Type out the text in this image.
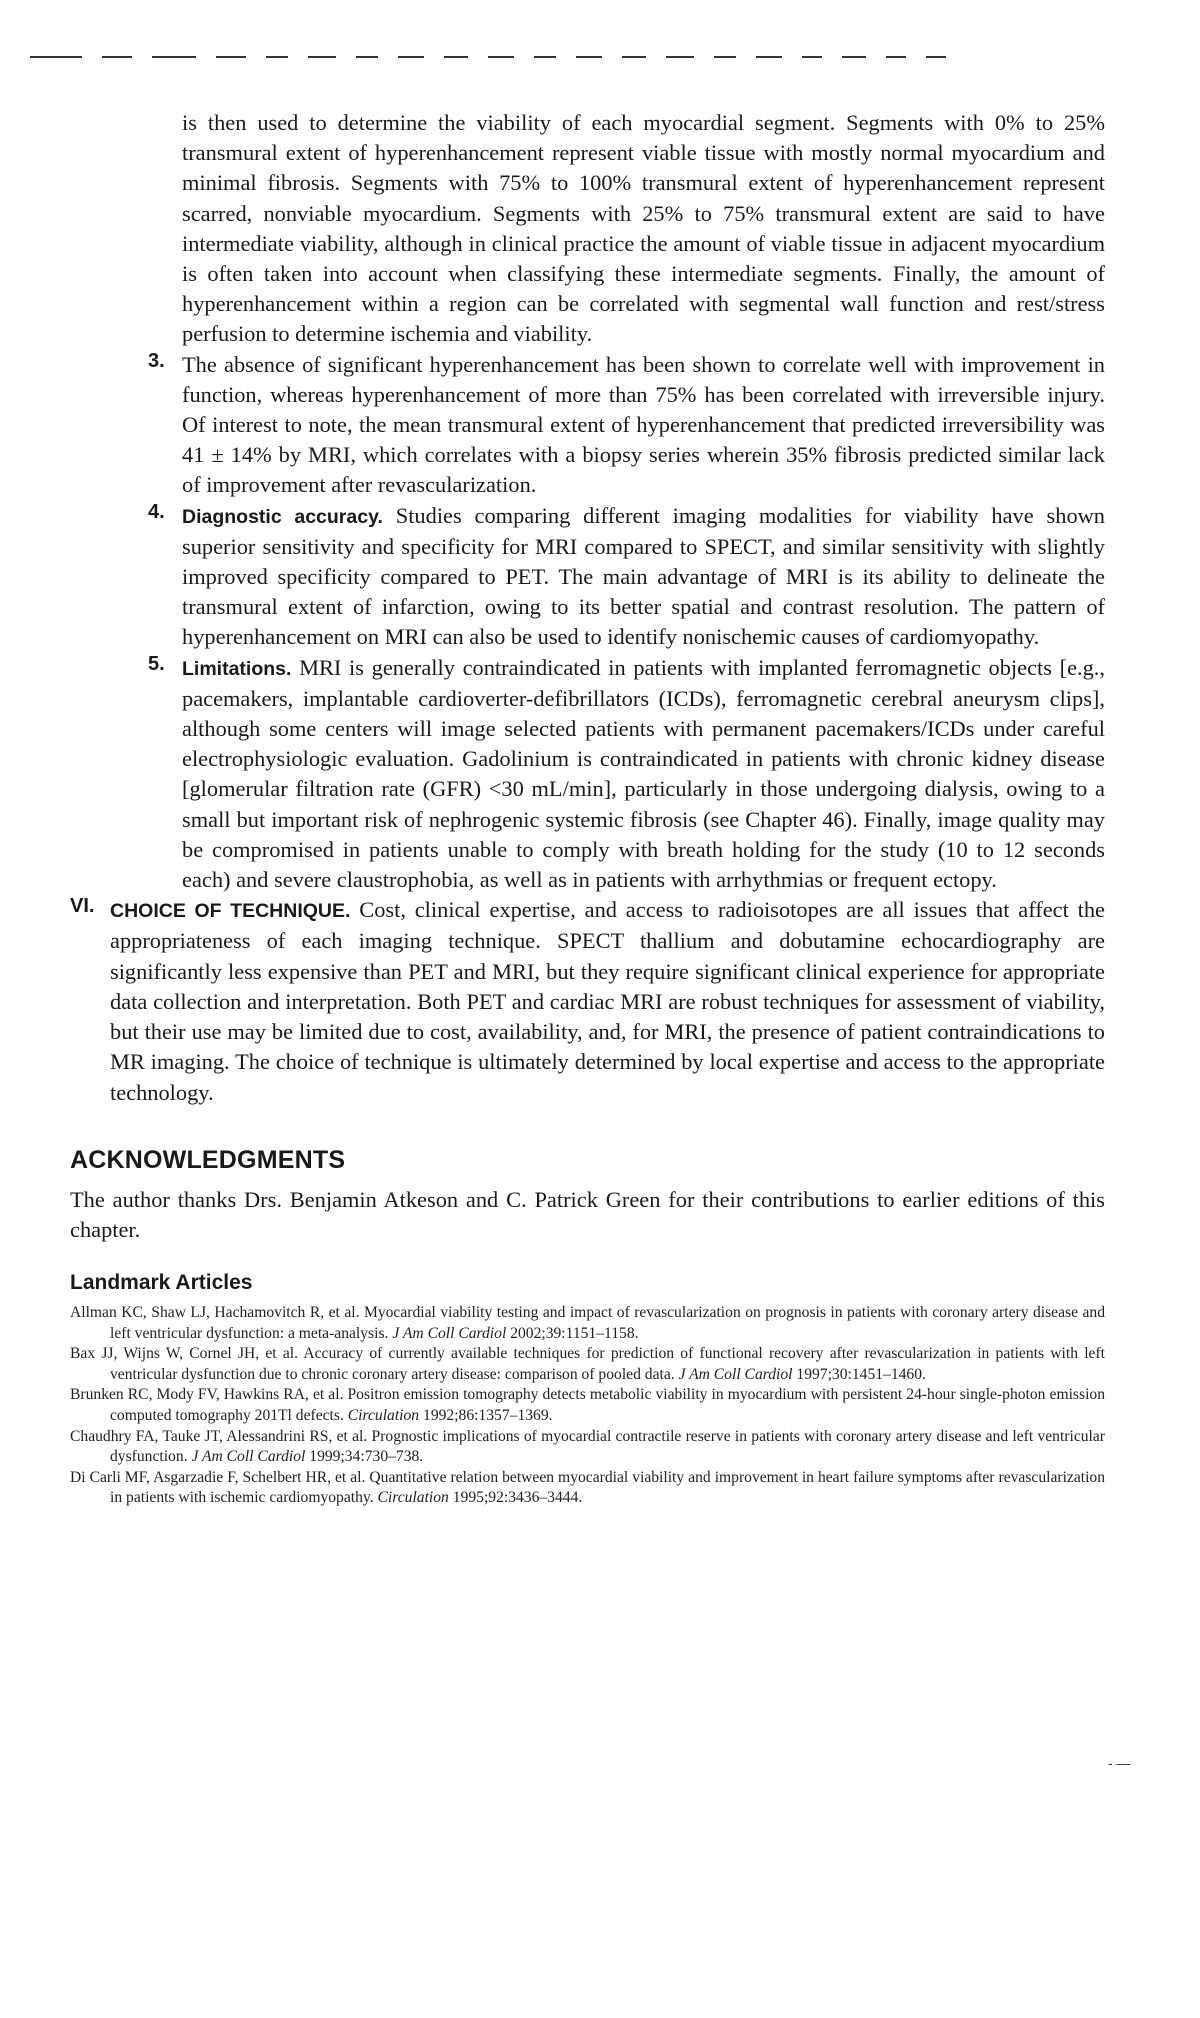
is then used to determine the viability of each myocardial segment. Segments with 0% to 25% transmural extent of hyperenhancement represent viable tissue with mostly normal myocardium and minimal fibrosis. Segments with 75% to 100% transmural extent of hyperenhancement represent scarred, nonviable myocardium. Segments with 25% to 75% transmural extent are said to have intermediate viability, although in clinical practice the amount of viable tissue in adjacent myocardium is often taken into account when classifying these intermediate segments. Finally, the amount of hyperenhancement within a region can be correlated with segmental wall function and rest/stress perfusion to determine ischemia and viability.

3. The absence of significant hyperenhancement has been shown to correlate well with improvement in function, whereas hyperenhancement of more than 75% has been correlated with irreversible injury. Of interest to note, the mean transmural extent of hyperenhancement that predicted irreversibility was 41 ± 14% by MRI, which correlates with a biopsy series wherein 35% fibrosis predicted similar lack of improvement after revascularization.

4. Diagnostic accuracy. Studies comparing different imaging modalities for viability have shown superior sensitivity and specificity for MRI compared to SPECT, and similar sensitivity with slightly improved specificity compared to PET. The main advantage of MRI is its ability to delineate the transmural extent of infarction, owing to its better spatial and contrast resolution. The pattern of hyperenhancement on MRI can also be used to identify nonischemic causes of cardiomyopathy.

5. Limitations. MRI is generally contraindicated in patients with implanted ferromagnetic objects [e.g., pacemakers, implantable cardioverter-defibrillators (ICDs), ferromagnetic cerebral aneurysm clips], although some centers will image selected patients with permanent pacemakers/ICDs under careful electrophysiologic evaluation. Gadolinium is contraindicated in patients with chronic kidney disease [glomerular filtration rate (GFR) <30 mL/min], particularly in those undergoing dialysis, owing to a small but important risk of nephrogenic systemic fibrosis (see Chapter 46). Finally, image quality may be compromised in patients unable to comply with breath holding for the study (10 to 12 seconds each) and severe claustrophobia, as well as in patients with arrhythmias or frequent ectopy.

VI. CHOICE OF TECHNIQUE. Cost, clinical expertise, and access to radioisotopes are all issues that affect the appropriateness of each imaging technique. SPECT thallium and dobutamine echocardiography are significantly less expensive than PET and MRI, but they require significant clinical experience for appropriate data collection and interpretation. Both PET and cardiac MRI are robust techniques for assessment of viability, but their use may be limited due to cost, availability, and, for MRI, the presence of patient contraindications to MR imaging. The choice of technique is ultimately determined by local expertise and access to the appropriate technology.

ACKNOWLEDGMENTS

The author thanks Drs. Benjamin Atkeson and C. Patrick Green for their contributions to earlier editions of this chapter.

Landmark Articles

Allman KC, Shaw LJ, Hachamovitch R, et al. Myocardial viability testing and impact of revascularization on prognosis in patients with coronary artery disease and left ventricular dysfunction: a meta-analysis. J Am Coll Cardiol 2002;39:1151–1158.

Bax JJ, Wijns W, Cornel JH, et al. Accuracy of currently available techniques for prediction of functional recovery after revascularization in patients with left ventricular dysfunction due to chronic coronary artery disease: comparison of pooled data. J Am Coll Cardiol 1997;30:1451–1460.

Brunken RC, Mody FV, Hawkins RA, et al. Positron emission tomography detects metabolic viability in myocardium with persistent 24-hour single-photon emission computed tomography 201Tl defects. Circulation 1992;86:1357–1369.

Chaudhry FA, Tauke JT, Alessandrini RS, et al. Prognostic implications of myocardial contractile reserve in patients with coronary artery disease and left ventricular dysfunction. J Am Coll Cardiol 1999;34:730–738.

Di Carli MF, Asgarzadie F, Schelbert HR, et al. Quantitative relation between myocardial viability and improvement in heart failure symptoms after revascularization in patients with ischemic cardiomyopathy. Circulation 1995;92:3436–3444.

- —
